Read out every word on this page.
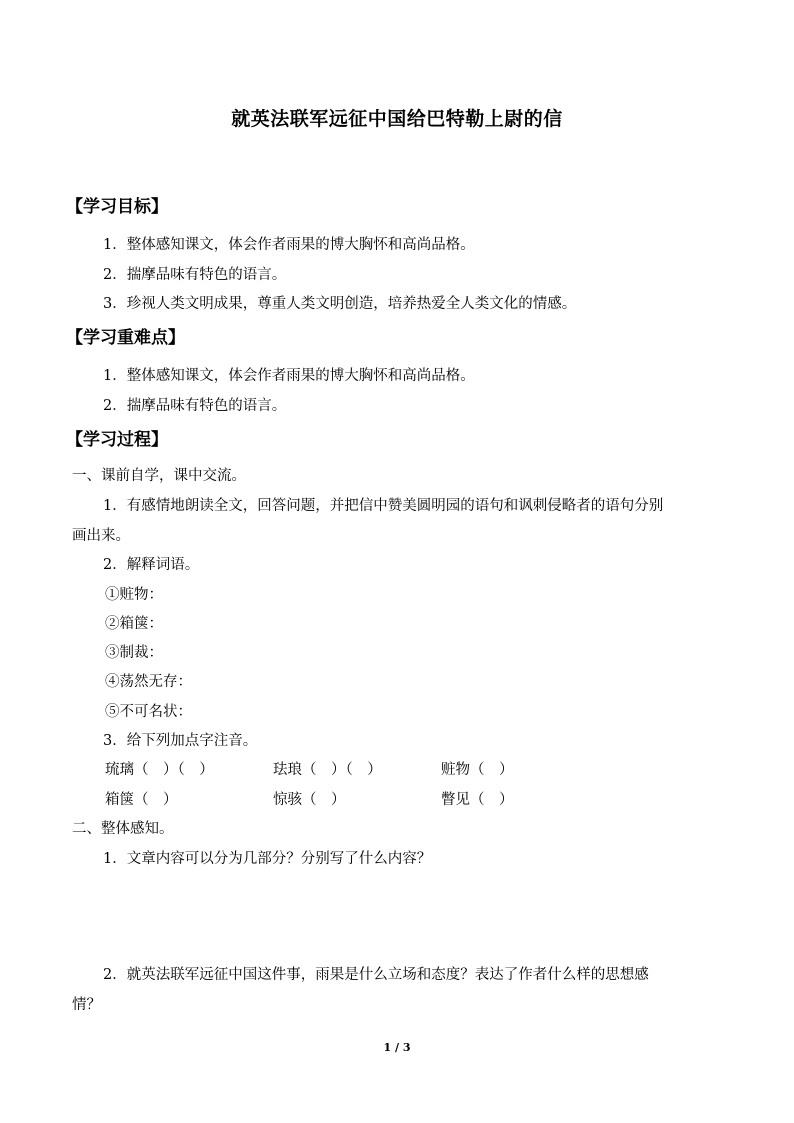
就英法联军远征中国给巴特勒上尉的信
【学习目标】
1．整体感知课文，体会作者雨果的博大胸怀和高尚品格。
2．揣摩品味有特色的语言。
3．珍视人类文明成果，尊重人类文明创造，培养热爱全人类文化的情感。
【学习重难点】
1．整体感知课文，体会作者雨果的博大胸怀和高尚品格。
2．揣摩品味有特色的语言。
【学习过程】
一、课前自学，课中交流。
1．有感情地朗读全文，回答问题，并把信中赞美圆明园的语句和讽刺侵略者的语句分别
画出来。
2．解释词语。
①赃物：
②箱箧：
③制裁：
④荡然无存：
⑤不可名状：
3．给下列加点字注音。
琉璃（　）（　）	珐琅（　）（　）	赃物（　）
箱箧（　）	惊骇（　）	瞥见（　）
二、整体感知。
1．文章内容可以分为几部分？分别写了什么内容？
2．就英法联军远征中国这件事，雨果是什么立场和态度？表达了作者什么样的思想感
情？
1 / 3
